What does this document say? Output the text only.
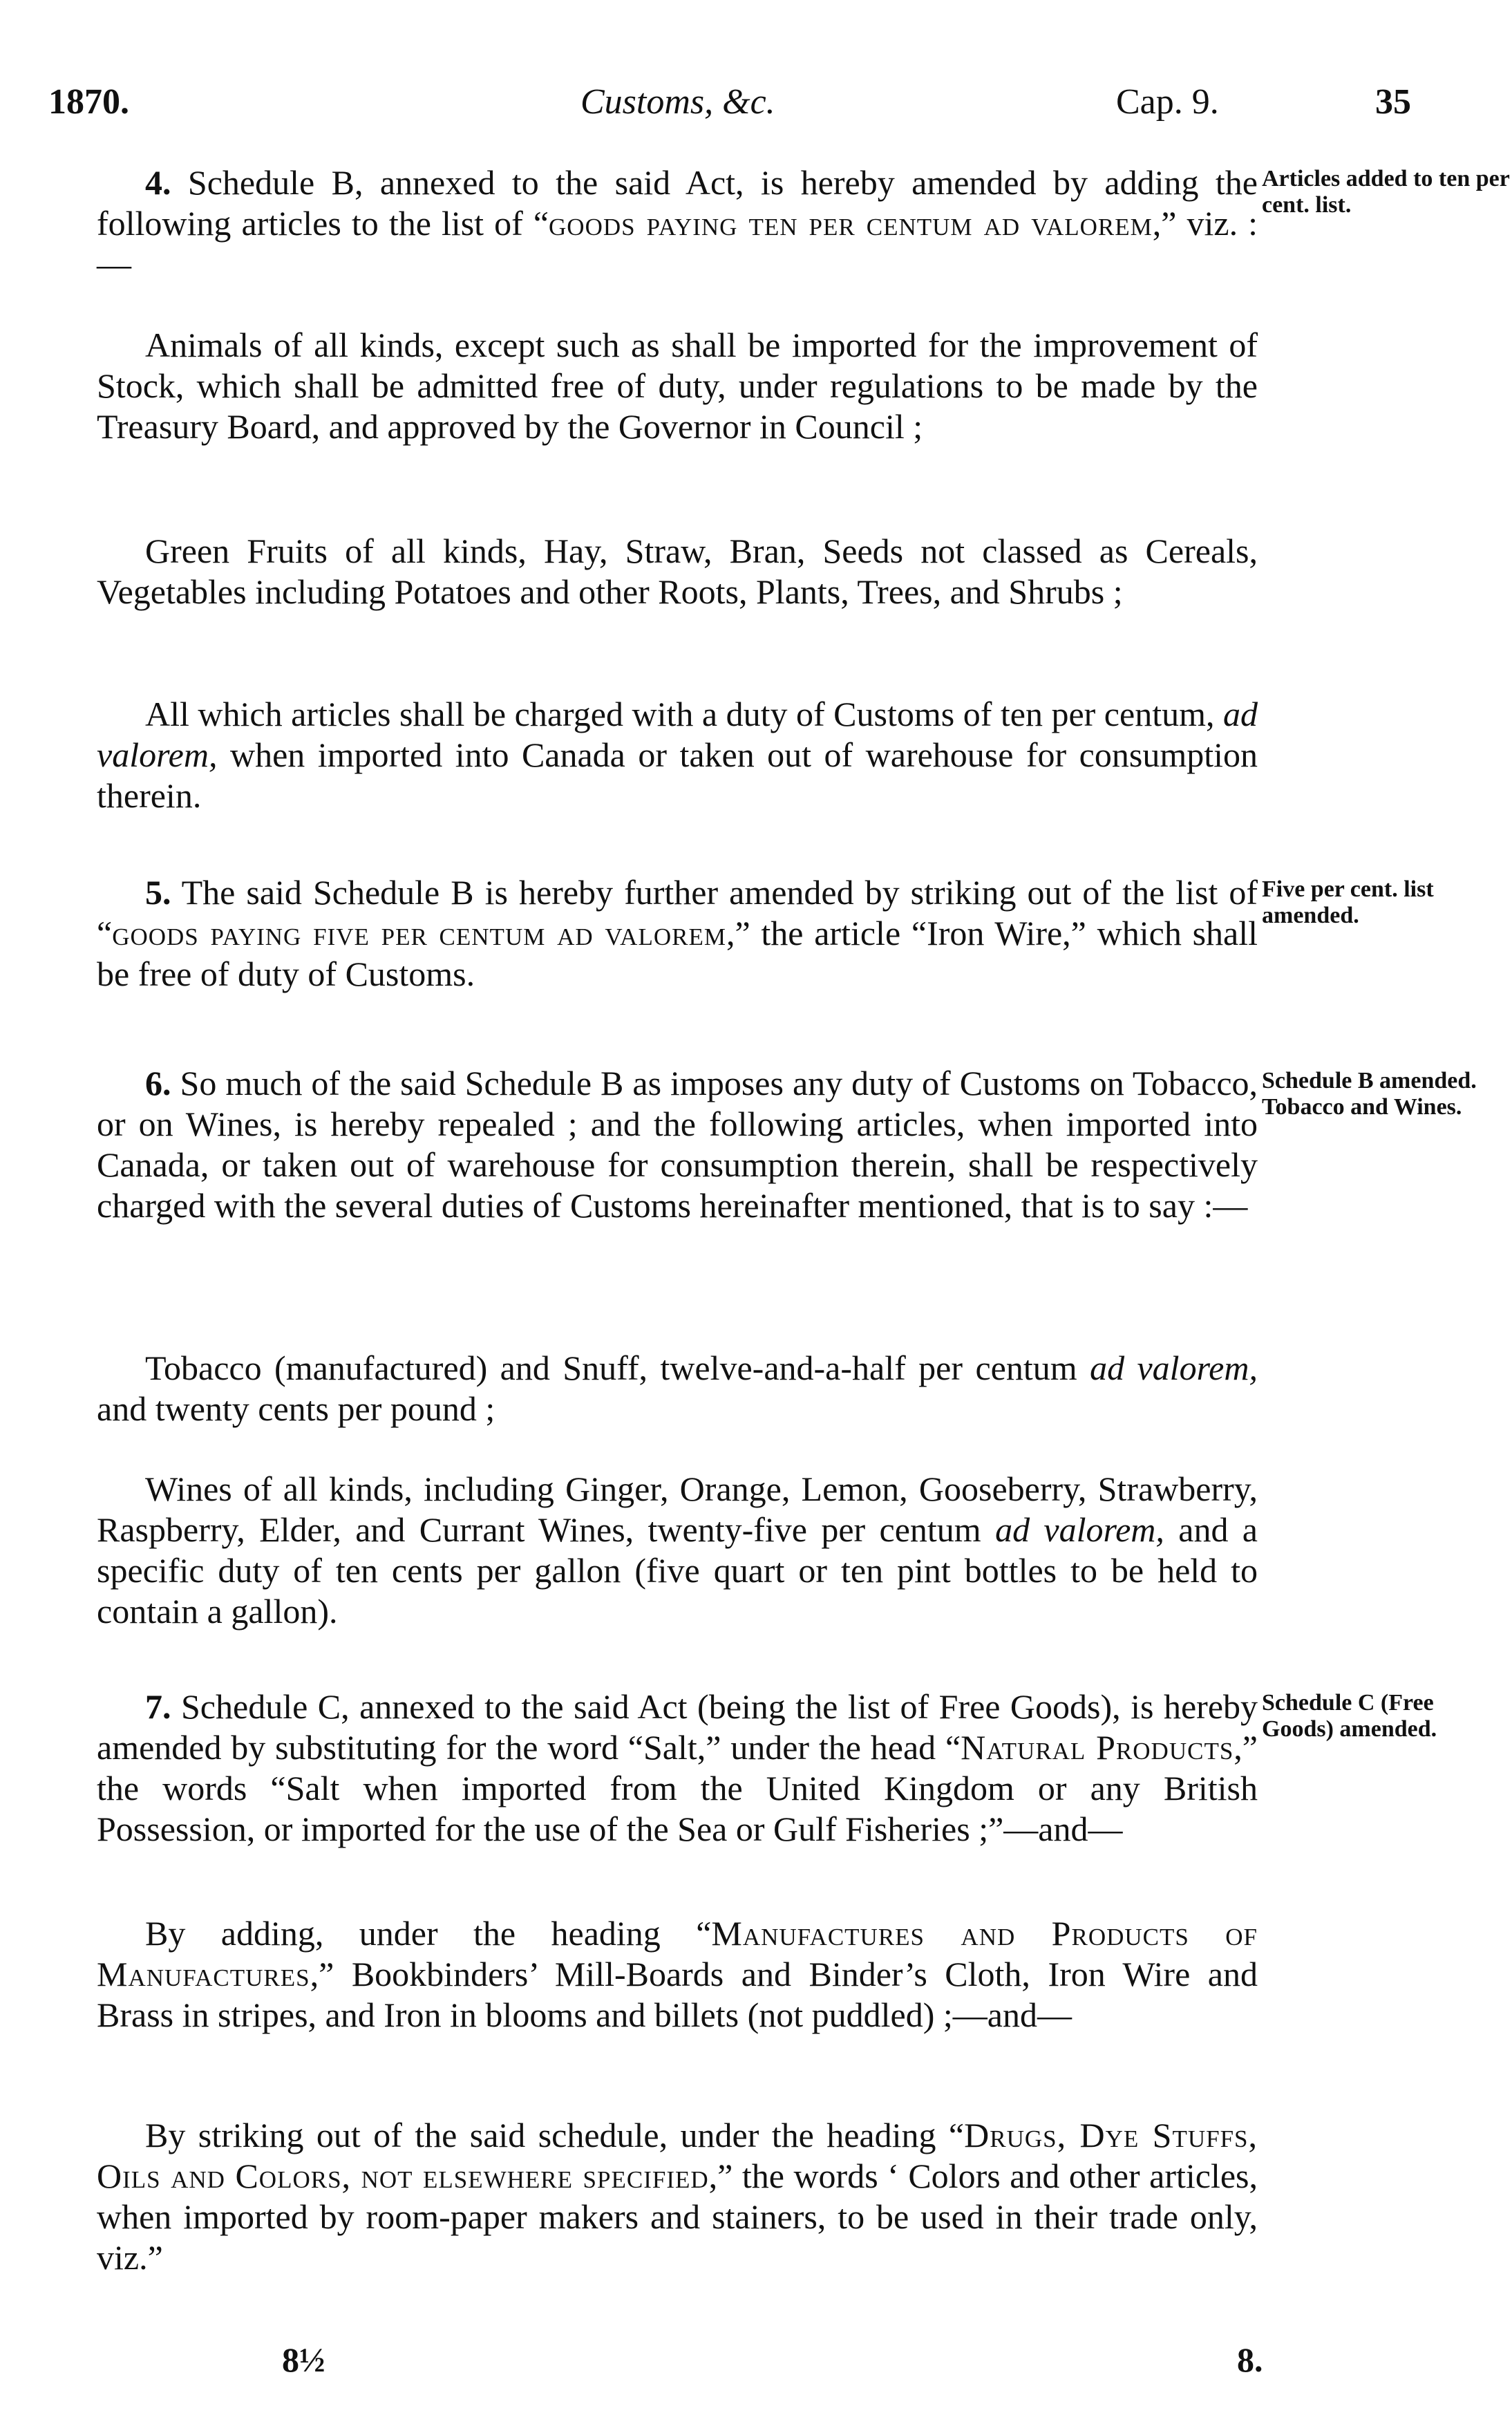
1870.	Customs, &c.	Cap. 9.	35
4. Schedule B, annexed to the said Act, is hereby amended by adding the following articles to the list of “goods paying ten per centum ad valorem,” viz. :—
Articles added to ten per cent. list.
Animals of all kinds, except such as shall be imported for the improvement of Stock, which shall be admitted free of duty, under regulations to be made by the Treasury Board, and approved by the Governor in Council ;
Green Fruits of all kinds, Hay, Straw, Bran, Seeds not classed as Cereals, Vegetables including Potatoes and other Roots, Plants, Trees, and Shrubs ;
All which articles shall be charged with a duty of Customs of ten per centum, ad valorem, when imported into Canada or taken out of warehouse for consumption therein.
5. The said Schedule B is hereby further amended by striking out of the list of “goods paying five per centum ad valorem,” the article “Iron Wire,” which shall be free of duty of Customs.
Five per cent. list amended.
6. So much of the said Schedule B as imposes any duty of Customs on Tobacco, or on Wines, is hereby repealed ; and the following articles, when imported into Canada, or taken out of warehouse for consumption therein, shall be respectively charged with the several duties of Customs hereinafter mentioned, that is to say :—
Schedule B amended. Tobacco and Wines.
Tobacco (manufactured) and Snuff, twelve-and-a-half per centum ad valorem, and twenty cents per pound ;
Wines of all kinds, including Ginger, Orange, Lemon, Gooseberry, Strawberry, Raspberry, Elder, and Currant Wines, twenty-five per centum ad valorem, and a specific duty of ten cents per gallon (five quart or ten pint bottles to be held to contain a gallon).
7. Schedule C, annexed to the said Act (being the list of Free Goods), is hereby amended by substituting for the word “Salt,” under the head “Natural Products,” the words “Salt when imported from the United Kingdom or any British Possession, or imported for the use of the Sea or Gulf Fisheries ;”—and—
Schedule C (Free Goods) amended.
By adding, under the heading “Manufactures and Products of Manufactures,” Bookbinders’ Mill-Boards and Binder’s Cloth, Iron Wire and Brass in stripes, and Iron in blooms and billets (not puddled) ;—and—
By striking out of the said schedule, under the heading “Drugs, Dye Stuffs, Oils and Colors, not elsewhere specified,” the words ‘ Colors and other articles, when imported by room-paper makers and stainers, to be used in their trade only, viz.”
8½	8.
